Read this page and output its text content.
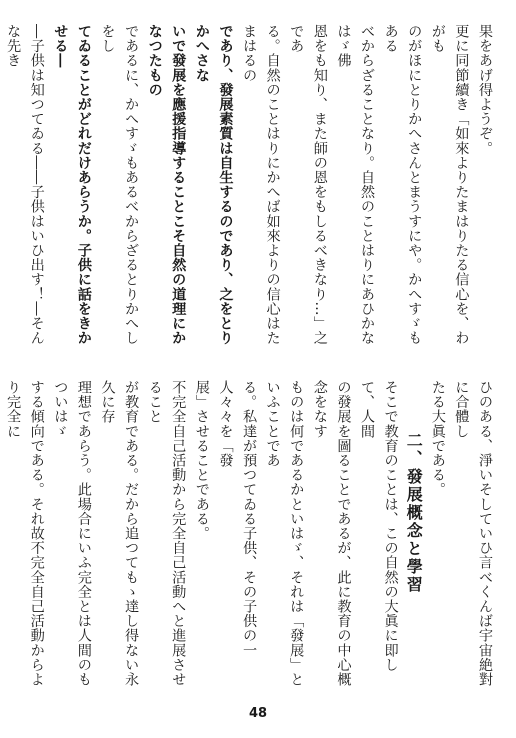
果をあげ得ようぞ。

更に同節續き「如來よりたまはりたる信心を、わがも

のがほにとりかへさんとまうすにや。かへすゞもある

べからざることなり。自然のことはりにあひかなはゞ佛

恩をも知り、また師の恩をもしるべきなり…」之であ

る。自然のことはりにかへば如來よりの信心はたまはるの

であり、發展素質は自生するのであり、之をとりかへさな

いで發展を應援指導することこそ自然の道理にかなつたもの

であるに、かへすゞもあるべからざるとりかへしをし

てゐることがどれだけあらうか。子供に話をきかせる―

―子供は知つてゐる――子供はいひ出す！―そんな先き

ひのある、淨いそしていひ言べくんば宇宙絶對に合體し

たる大眞である。

二、發展概念と學習

そこで教育のことは、この自然の大眞に即して、人間

の發展を圖ることであるが、此に教育の中心概念をなす

ものは何であるかといはゞ、それは「發展」といふことであ

る。私達が預つてゐる子供、その子供の一人々々を「發

展」させることである。

不完全自己活動から完全自己活動へと進展させること

が教育である。だから追つてもゝ達し得ない永久に存

理想であらう。此場合にいふ完全とは人間のもついはゞ

する傾向である。それ故不完全自己活動からより完全に

48
